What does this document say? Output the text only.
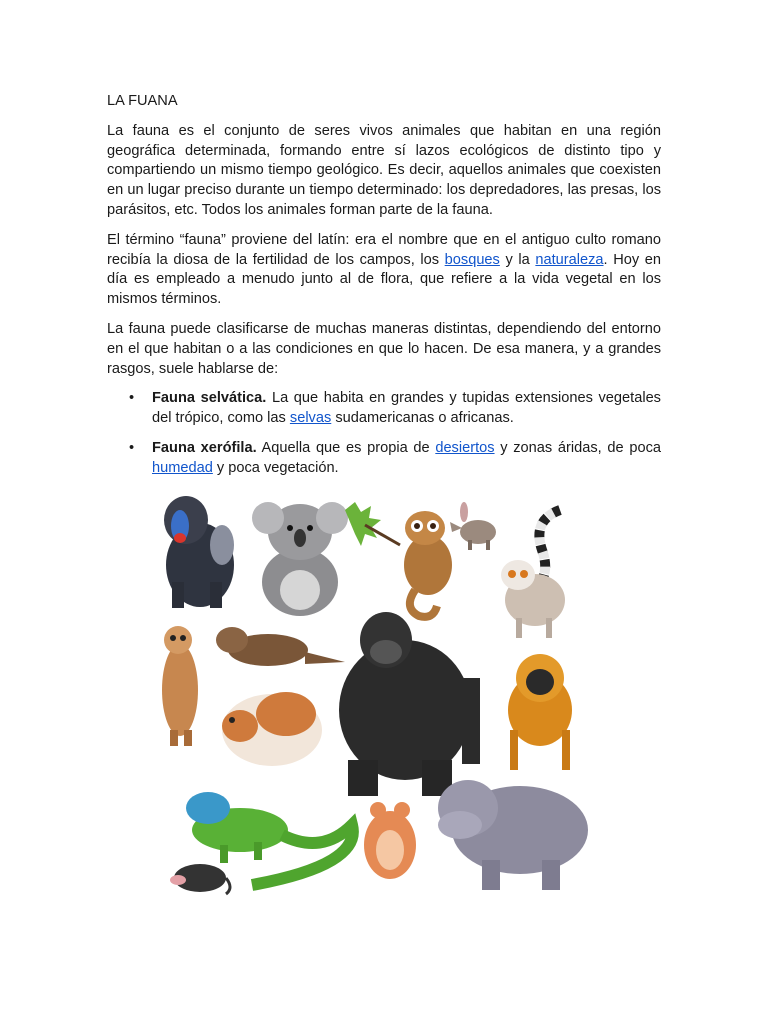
LA FUANA

La fauna es el conjunto de seres vivos animales que habitan en una región geográfica determinada, formando entre sí lazos ecológicos de distinto tipo y compartiendo un mismo tiempo geológico. Es decir, aquellos animales que coexisten en un lugar preciso durante un tiempo determinado: los depredadores, las presas, los parásitos, etc. Todos los animales forman parte de la fauna.

El término “fauna” proviene del latín: era el nombre que en el antiguo culto romano recibía la diosa de la fertilidad de los campos, los bosques y la naturaleza. Hoy en día es empleado a menudo junto al de flora, que refiere a la vida vegetal en los mismos términos.

La fauna puede clasificarse de muchas maneras distintas, dependiendo del entorno en el que habitan o a las condiciones en que lo hacen. De esa manera, y a grandes rasgos, suele hablarse de:

• Fauna selvática. La que habita en grandes y tupidas extensiones vegetales del trópico, como las selvas sudamericanas o africanas.
• Fauna xerófila. Aquella que es propia de desiertos y zonas áridas, de poca humedad y poca vegetación.
